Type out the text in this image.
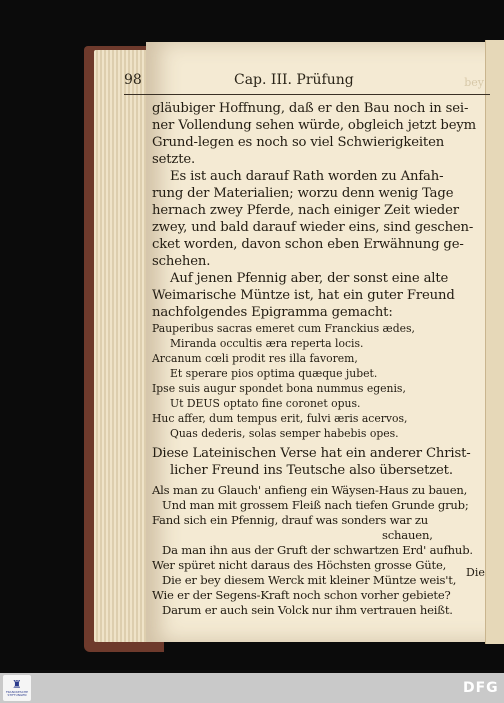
bey
98	Cap. III. Prüfung
gläubiger Hoffnung, daß er den Bau noch in sei-
ner Vollendung sehen würde, obgleich jetzt beym
Grund-legen es noch so viel Schwierigkeiten
setzte.
Es ist auch darauf Rath worden zu Anfah-
rung der Materialien; worzu denn wenig Tage
hernach zwey Pferde, nach einiger Zeit wieder
zwey, und bald darauf wieder eins, sind geschen-
cket worden, davon schon eben Erwähnung ge-
schehen.
Auf jenen Pfennig aber, der sonst eine alte
Weimarische Müntze ist, hat ein guter Freund
nachfolgendes Epigramma gemacht:
Pauperibus sacras emeret cum Franckius ædes,
Miranda occultis æra reperta locis.
Arcanum cœli prodit res illa favorem,
Et sperare pios optima quæque jubet.
Ipse suis augur spondet bona nummus egenis,
Ut DEUS optato fine coronet opus.
Huc affer, dum tempus erit, fulvi æris acervos,
Quas dederis, solas semper habebis opes.
Diese Lateinischen Verse hat ein anderer Christ-
licher Freund ins Teutsche also übersetzet.
Als man zu Glauch' anfieng ein Wäysen-Haus zu bauen,
Und man mit grossem Fleiß nach tiefen Grunde grub;
Fand sich ein Pfennig, drauf was sonders war zu
schauen,
Da man ihn aus der Gruft der schwartzen Erd' aufhub.
Wer spüret nicht daraus des Höchsten grosse Güte,
Die er bey diesem Werck mit kleiner Müntze weis't,
Wie er der Segens-Kraft noch schon vorher gebiete?
Darum er auch sein Volck nur ihm vertrauen heißt.
Die
♜
FRANCKESCHE STIFTUNGEN	DFG
